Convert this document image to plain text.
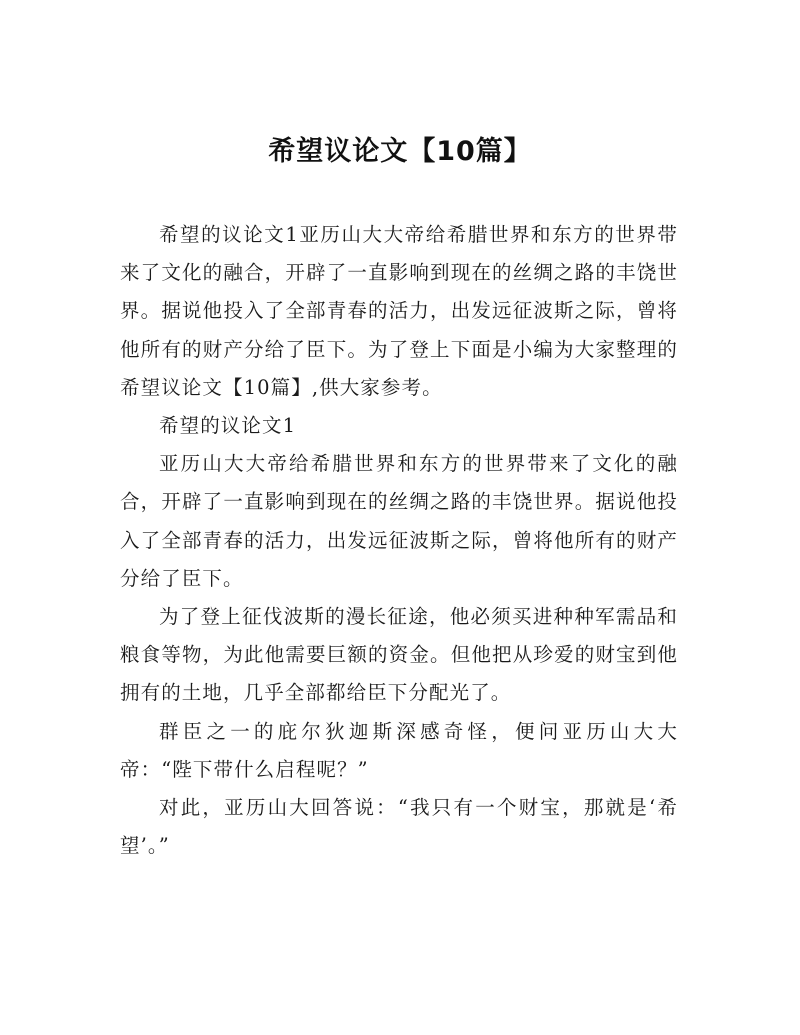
希望议论文【10篇】

希望的议论文1亚历山大大帝给希腊世界和东方的世界带来了文化的融合，开辟了一直影响到现在的丝绸之路的丰饶世界。据说他投入了全部青春的活力，出发远征波斯之际，曾将他所有的财产分给了臣下。为了登上下面是小编为大家整理的希望议论文【10篇】,供大家参考。

希望的议论文1

亚历山大大帝给希腊世界和东方的世界带来了文化的融合，开辟了一直影响到现在的丝绸之路的丰饶世界。据说他投入了全部青春的活力，出发远征波斯之际，曾将他所有的财产分给了臣下。

为了登上征伐波斯的漫长征途，他必须买进种种军需品和粮食等物，为此他需要巨额的资金。但他把从珍爱的财宝到他拥有的土地，几乎全部都给臣下分配光了。

群臣之一的庇尔狄迦斯深感奇怪，便问亚历山大大帝：“陛下带什么启程呢？”

对此，亚历山大回答说：“我只有一个财宝，那就是‘希望’。”
